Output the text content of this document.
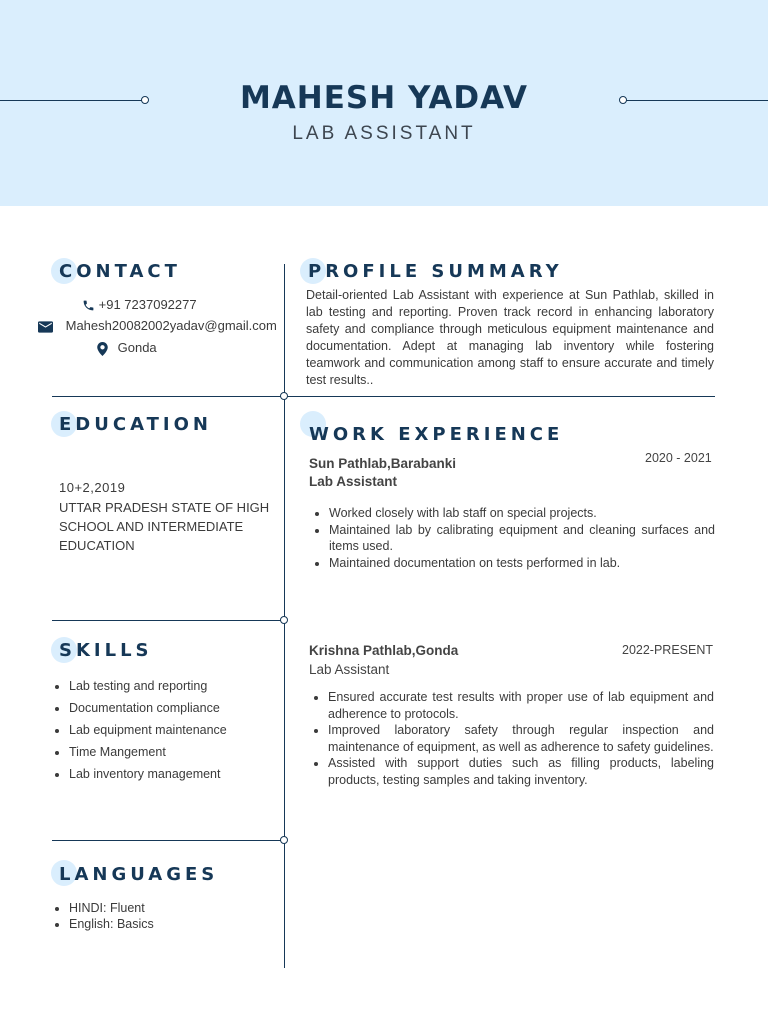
MAHESH YADAV
LAB ASSISTANT
CONTACT
+91 7237092277
Mahesh20082002yadav@gmail.com
Gonda
PROFILE SUMMARY

Detail-oriented Lab Assistant with experience at Sun Pathlab, skilled in lab testing and reporting. Proven track record in enhancing laboratory safety and compliance through meticulous equipment maintenance and documentation. Adept at managing lab inventory while fostering teamwork and communication among staff to ensure accurate and timely test results..

EDUCATION
10+2,2019
UTTAR PRADESH STATE OF HIGH SCHOOL AND INTERMEDIATE EDUCATION
WORK EXPERIENCE
Sun Pathlab,Barabanki	2020 - 2021
Lab Assistant
• Worked closely with lab staff on special projects.
• Maintained lab by calibrating equipment and cleaning surfaces and items used.
• Maintained documentation on tests performed in lab.
Krishna Pathlab,Gonda	2022-PRESENT
Lab Assistant
• Ensured accurate test results with proper use of lab equipment and adherence to protocols.
• Improved laboratory safety through regular inspection and maintenance of equipment, as well as adherence to safety guidelines.
• Assisted with support duties such as filling products, labeling products, testing samples and taking inventory.
SKILLS
• Lab testing and reporting
• Documentation compliance
• Lab equipment maintenance
• Time Mangement
• Lab inventory management
LANGUAGES
• HINDI: Fluent
• English: Basics
